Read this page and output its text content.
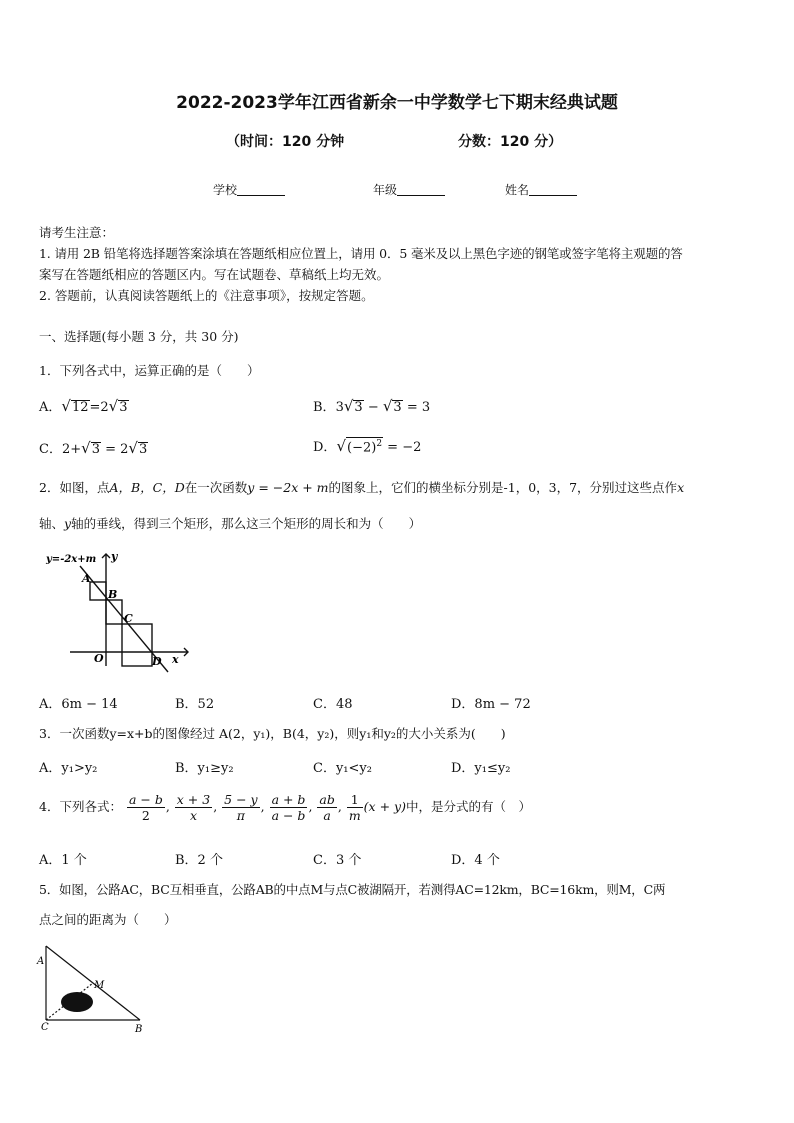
2022-2023学年江西省新余一中学数学七下期末经典试题
（时间：120 分钟	分数：120 分）
学校	年级	姓名
请考生注意：
1. 请用 2B 铅笔将选择题答案涂填在答题纸相应位置上，请用 0．5 毫米及以上黑色字迹的钢笔或签字笔将主观题的答
案写在答题纸相应的答题区内。写在试题卷、草稿纸上均无效。
2. 答题前，认真阅读答题纸上的《注意事项》，按规定答题。
一、选择题(每小题 3 分，共 30 分)
1．下列各式中，运算正确的是（　　）
A．√12=2√3	B．3√3 − √3 = 3
C．2+√3 = 2√3	D．$√(-2)^2 = -2$
2．如图，点A，B，C，D在一次函数y = −2x + m的图象上，它们的横坐标分别是-1，0，3，7，分别过这些点作x
轴、y轴的垂线，得到三个矩形，那么这三个矩形的周长和为（　　）
y=-2x+m y
x
O
A
B
C
D
A．6m − 14	B．52	C．48	D．8m − 72
3．一次函数y=x+b的图像经过 A(2，y₁)，B(4，y₂)，则y₁和y₂的大小关系为(　　)
A．y₁>y₂	B．y₁≥y₂	C．y₁<y₂	D．y₁≤y₂
4．下列各式： $\frac{a - b}{2}$ , $\frac{x + 3}{x}$ , $\frac{5 - y}{\pi}$ , $\frac{a + b}{a - b}$ , $\frac{ab}{a}$ , $\frac{1}{m} (x + y)$中，是分式的有（　）
A．1 个	B．2 个	C．3 个	D．4 个
5．如图，公路AC，BC互相垂直，公路AB的中点M与点C被湖隔开，若测得AC=12km，BC=16km，则M，C两
点之间的距离为（　　）
A
M
C	B
